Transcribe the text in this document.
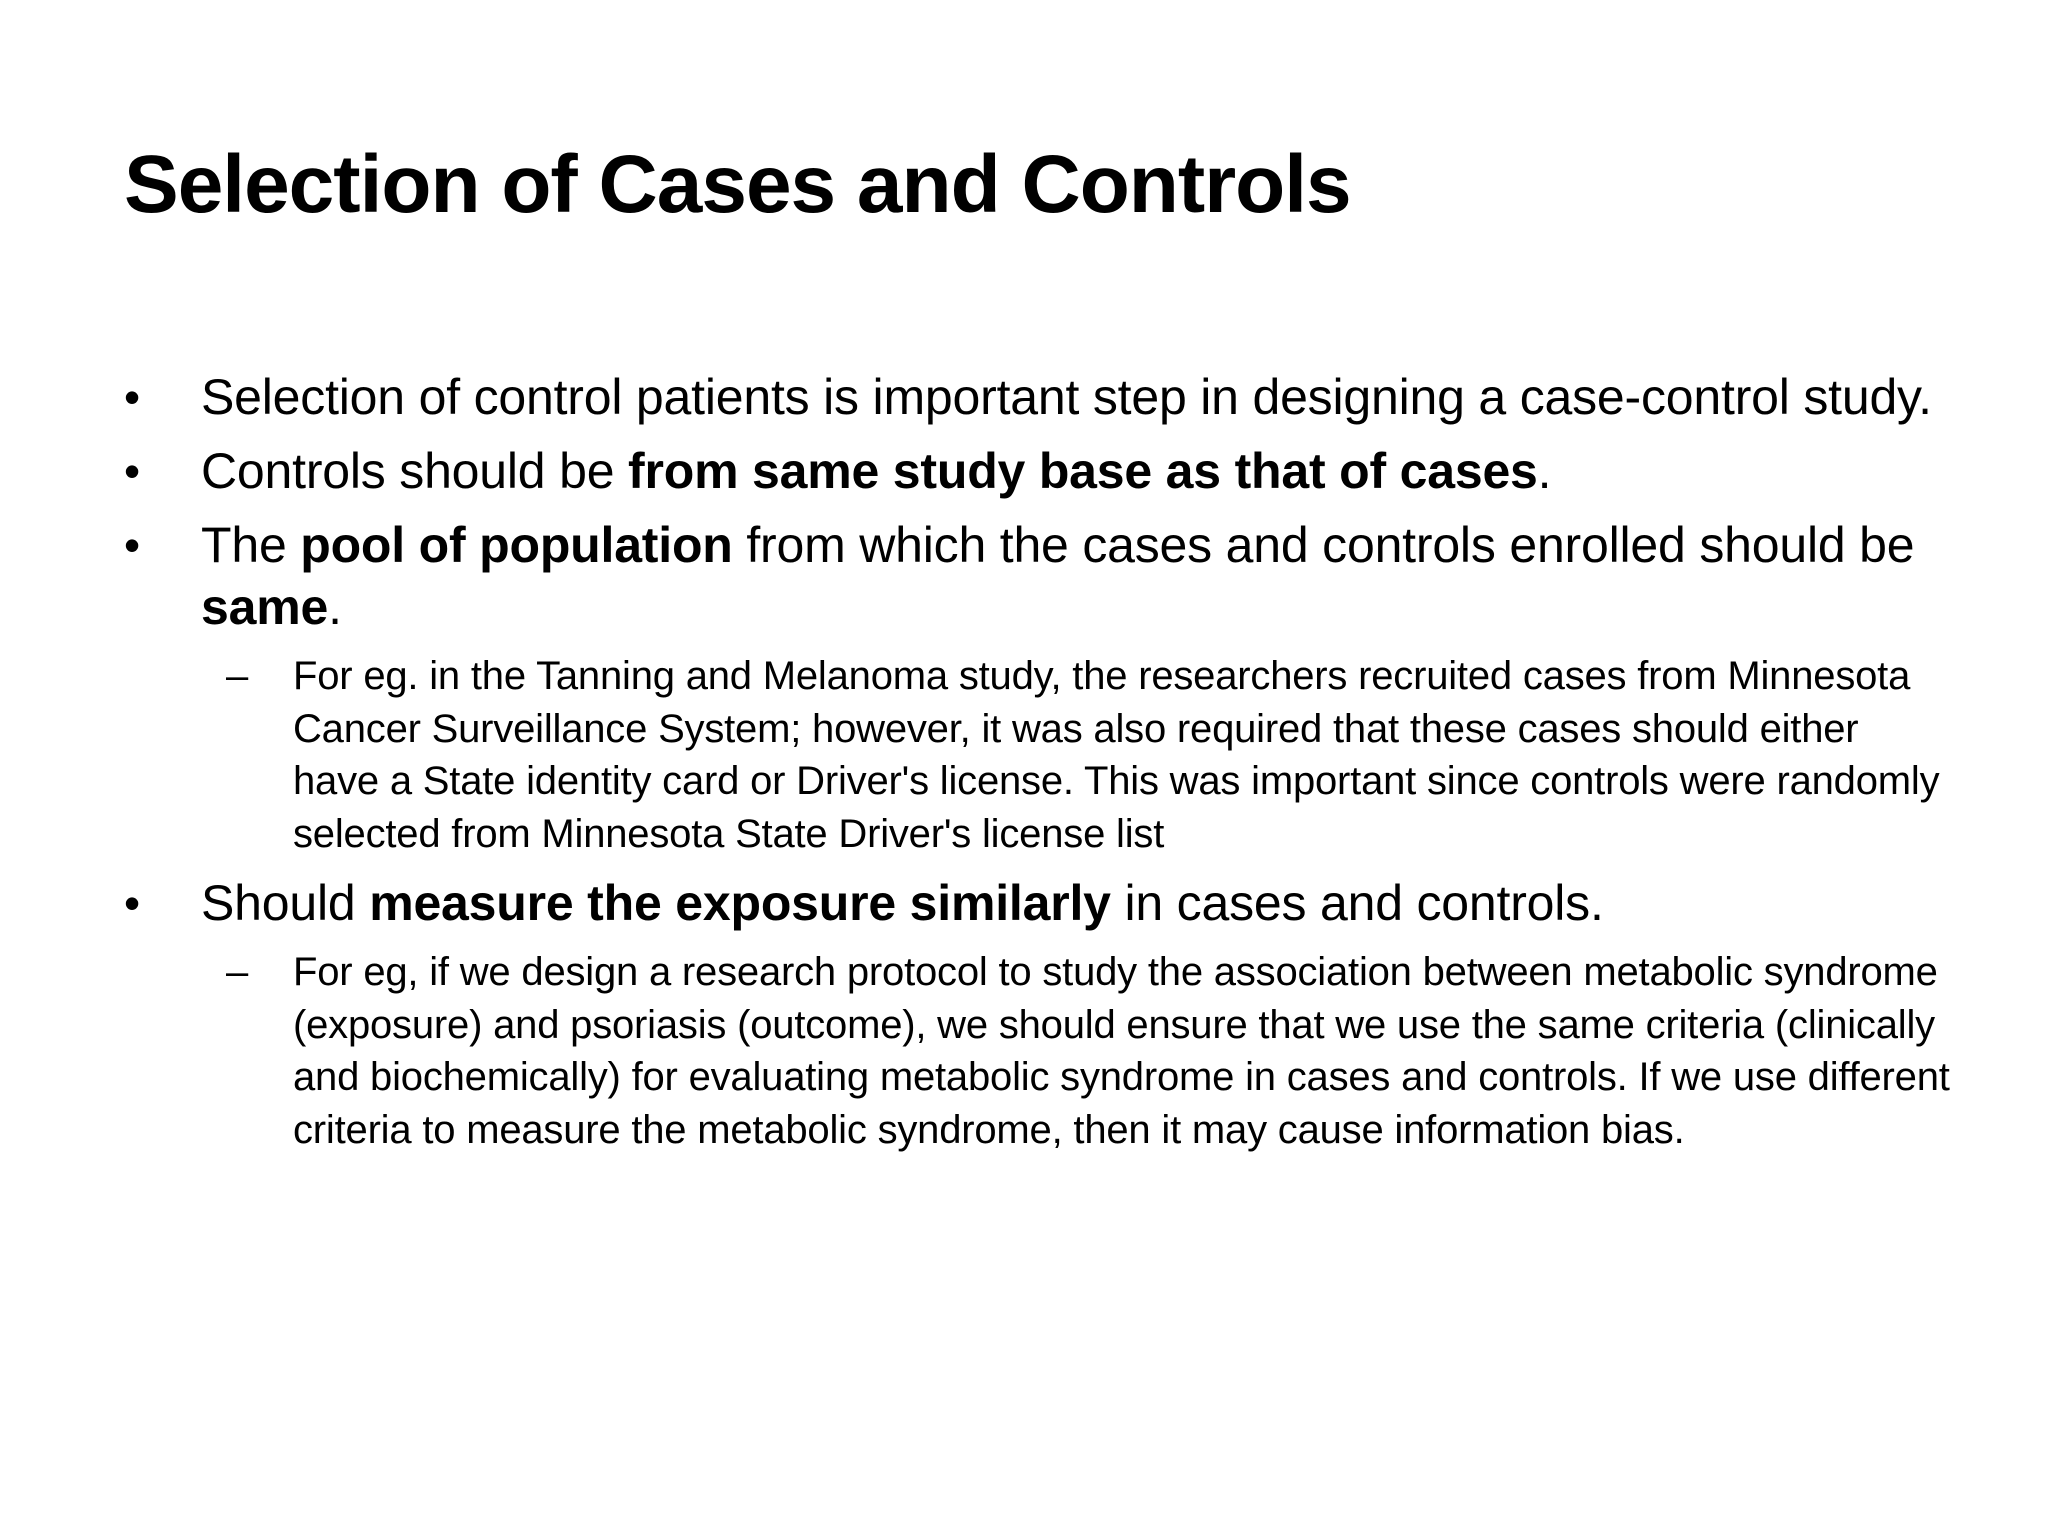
Selection of Cases and Controls
• Selection of control patients is important step in designing a case-control study.
• Controls should be from same study base as that of cases.
• The pool of population from which the cases and controls enrolled should be same.
– For eg. in the Tanning and Melanoma study, the researchers recruited cases from Minnesota Cancer Surveillance System; however, it was also required that these cases should either have a State identity card or Driver's license. This was important since controls were randomly selected from Minnesota State Driver's license list
• Should measure the exposure similarly in cases and controls.
– For eg, if we design a research protocol to study the association between metabolic syndrome (exposure) and psoriasis (outcome), we should ensure that we use the same criteria (clinically and biochemically) for evaluating metabolic syndrome in cases and controls. If we use different criteria to measure the metabolic syndrome, then it may cause information bias.
